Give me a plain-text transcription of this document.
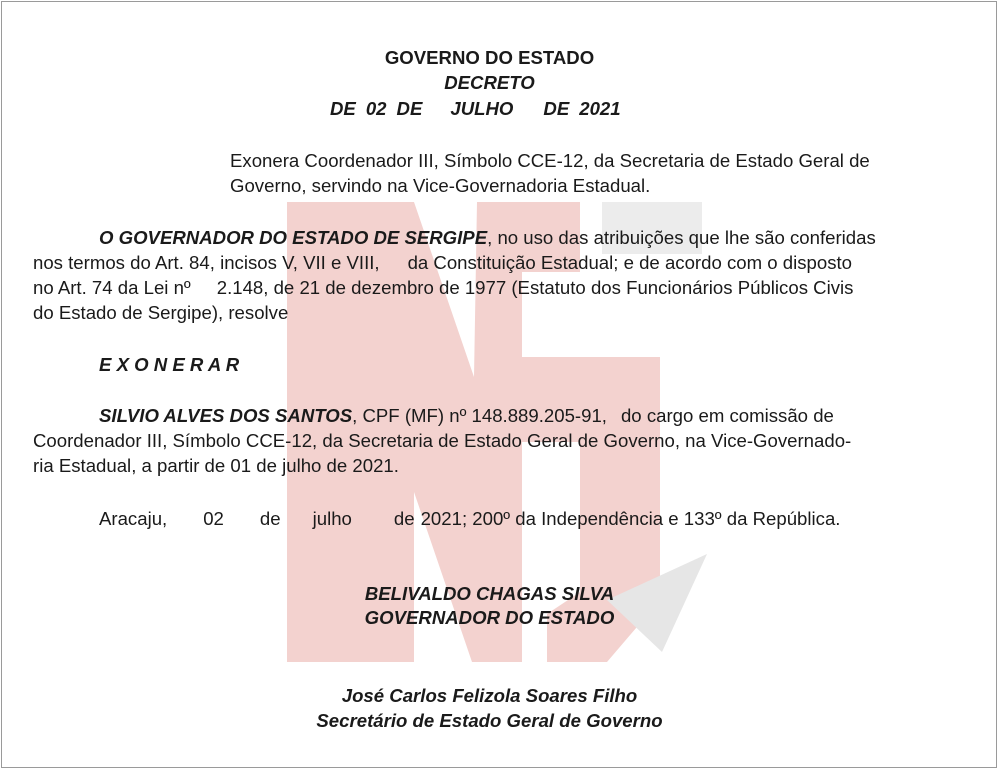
GOVERNO DO ESTADO
DECRETO
DE 02 DE JULHO DE 2021
Exonera Coordenador III, Símbolo CCE-12, da Secretaria de Estado Geral de
Governo, servindo na Vice-Governadoria Estadual.
O GOVERNADOR DO ESTADO DE SERGIPE, no uso das atribuições que lhe são conferidas
nos termos do Art. 84, incisos V, VII e VIII, da Constituição Estadual; e de acordo com o disposto
no Art. 74 da Lei nº 2.148, de 21 de dezembro de 1977 (Estatuto dos Funcionários Públicos Civis
do Estado de Sergipe), resolve
E X O N E R A R
SILVIO ALVES DOS SANTOS, CPF (MF) nº 148.889.205-91, do cargo em comissão de
Coordenador III, Símbolo CCE-12, da Secretaria de Estado Geral de Governo, na Vice-Governado-
ria Estadual, a partir de 01 de julho de 2021.
Aracaju, 02 de julho de 2021; 200º da Independência e 133º da República.
BELIVALDO CHAGAS SILVA
GOVERNADOR DO ESTADO
José Carlos Felizola Soares Filho
Secretário de Estado Geral de Governo
